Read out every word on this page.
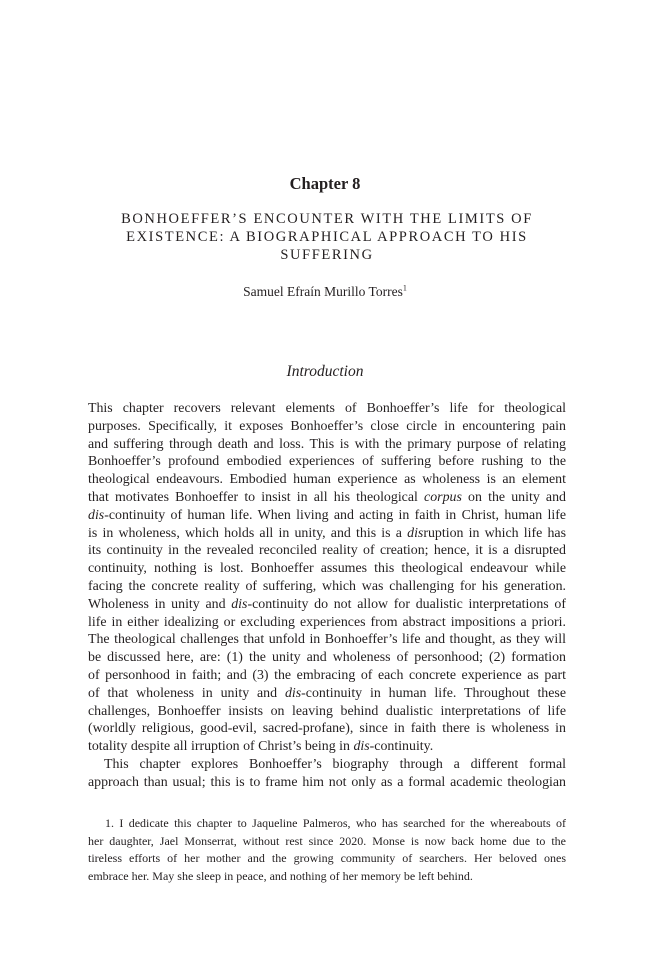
Chapter 8
BONHOEFFER’S ENCOUNTER WITH THE LIMITS OF
EXISTENCE: A BIOGRAPHICAL APPROACH TO HIS
SUFFERING
Samuel Efraín Murillo Torres$^1$
Introduction
This chapter recovers relevant elements of Bonhoeffer’s life for theological
purposes. Specifically, it exposes Bonhoeffer’s close circle in encountering pain
and suffering through death and loss. This is with the primary purpose of relating
Bonhoeffer’s profound embodied experiences of suffering before rushing to the
theological endeavours. Embodied human experience as wholeness is an element
that motivates Bonhoeffer to insist in all his theological corpus on the unity and
dis-continuity of human life. When living and acting in faith in Christ, human life
is in wholeness, which holds all in unity, and this is a disruption in which life has
its continuity in the revealed reconciled reality of creation; hence, it is a disrupted
continuity, nothing is lost. Bonhoeffer assumes this theological endeavour while
facing the concrete reality of suffering, which was challenging for his generation.
Wholeness in unity and dis-continuity do not allow for dualistic interpretations of
life in either idealizing or excluding experiences from abstract impositions a priori.
The theological challenges that unfold in Bonhoeffer’s life and thought, as they will
be discussed here, are: (1) the unity and wholeness of personhood; (2) formation
of personhood in faith; and (3) the embracing of each concrete experience as part
of that wholeness in unity and dis-continuity in human life. Throughout these
challenges, Bonhoeffer insists on leaving behind dualistic interpretations of life
(worldly religious, good-evil, sacred-profane), since in faith there is wholeness in
totality despite all irruption of Christ’s being in dis-continuity.
This chapter explores Bonhoeffer’s biography through a different formal
approach than usual; this is to frame him not only as a formal academic theologian
1. I dedicate this chapter to Jaqueline Palmeros, who has searched for the whereabouts of
her daughter, Jael Monserrat, without rest since 2020. Monse is now back home due to the
tireless efforts of her mother and the growing community of searchers. Her beloved ones
embrace her. May she sleep in peace, and nothing of her memory be left behind.
